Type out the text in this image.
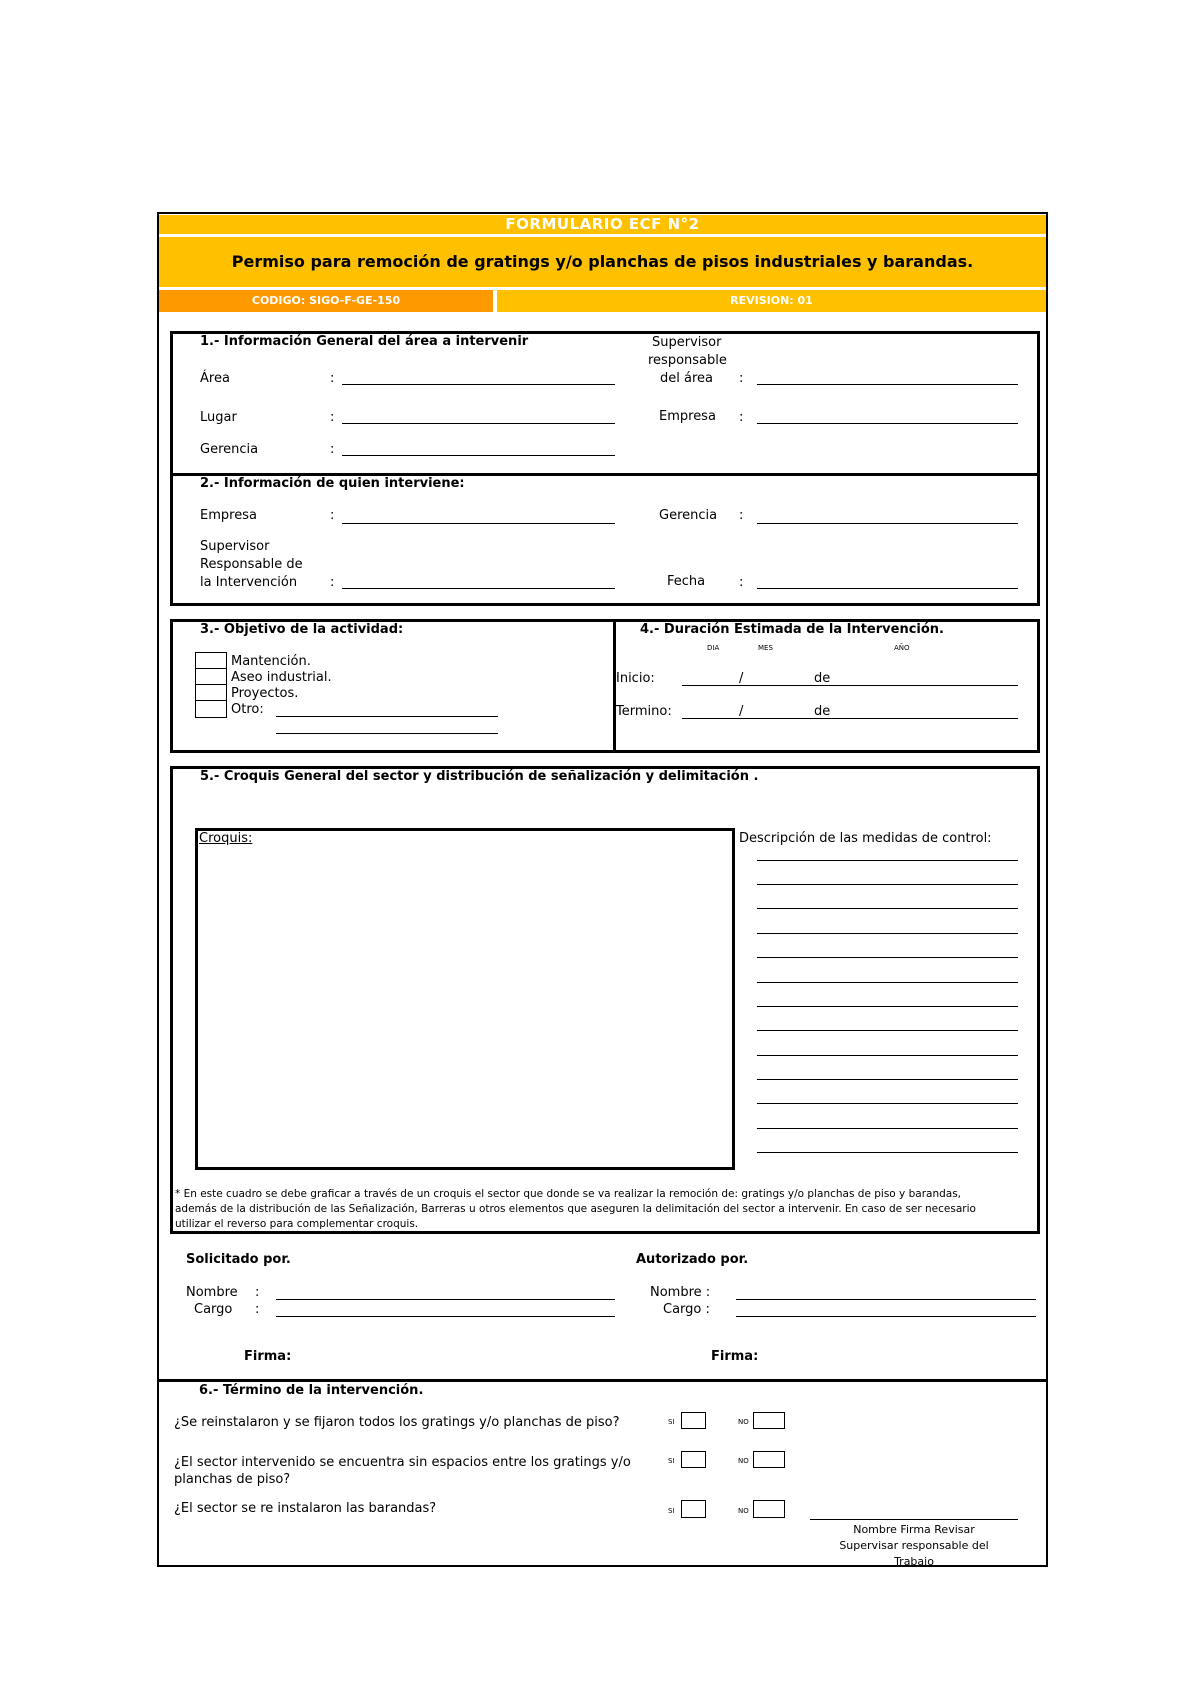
FORMULARIO ECF N°2
Permiso para remoción de gratings y/o planchas de pisos industriales y barandas.
CODIGO: SIGO-F-GE-150	REVISION: 01
1.- Información General del área a intervenir
Área	:
Lugar	:
Gerencia	:
Supervisor
responsable
del área :
Empresa :
2.- Información de quien interviene:
Empresa	:
Supervisor
Responsable de
la Intervención	:
Gerencia :
Fecha	:
3.- Objetivo de la actividad:
Mantención.
Aseo industrial.
Proyectos.
Otro:
4.- Duración Estimada de la Intervención.
DIA	MES	AÑO
Inicio:	/	de
Termino:	/	de
5.- Croquis General del sector y distribución de señalización y delimitación .
Croquis:	Descripción de las medidas de control:
* En este cuadro se debe graficar a través de un croquis el sector que donde se va realizar la remoción de: gratings y/o planchas de piso y barandas,
además de la distribución de las Señalización, Barreras u otros elementos que aseguren la delimitación del sector a intervenir. En caso de ser necesario
utilizar el reverso para complementar croquis.
Solicitado por.	Autorizado por.
Nombre :
Cargo :
Nombre :
Cargo :
Firma:	Firma:
6.- Término de la intervención.
¿Se reinstalaron y se fijaron todos los gratings y/o planchas de piso?	SI	NO
¿El sector intervenido se encuentra sin espacios entre los gratings y/o
planchas de piso?
SI	NO
¿El sector se re instalaron las barandas?	SI	NO
Nombre Firma Revisar
Supervisar responsable del
Trabajo
